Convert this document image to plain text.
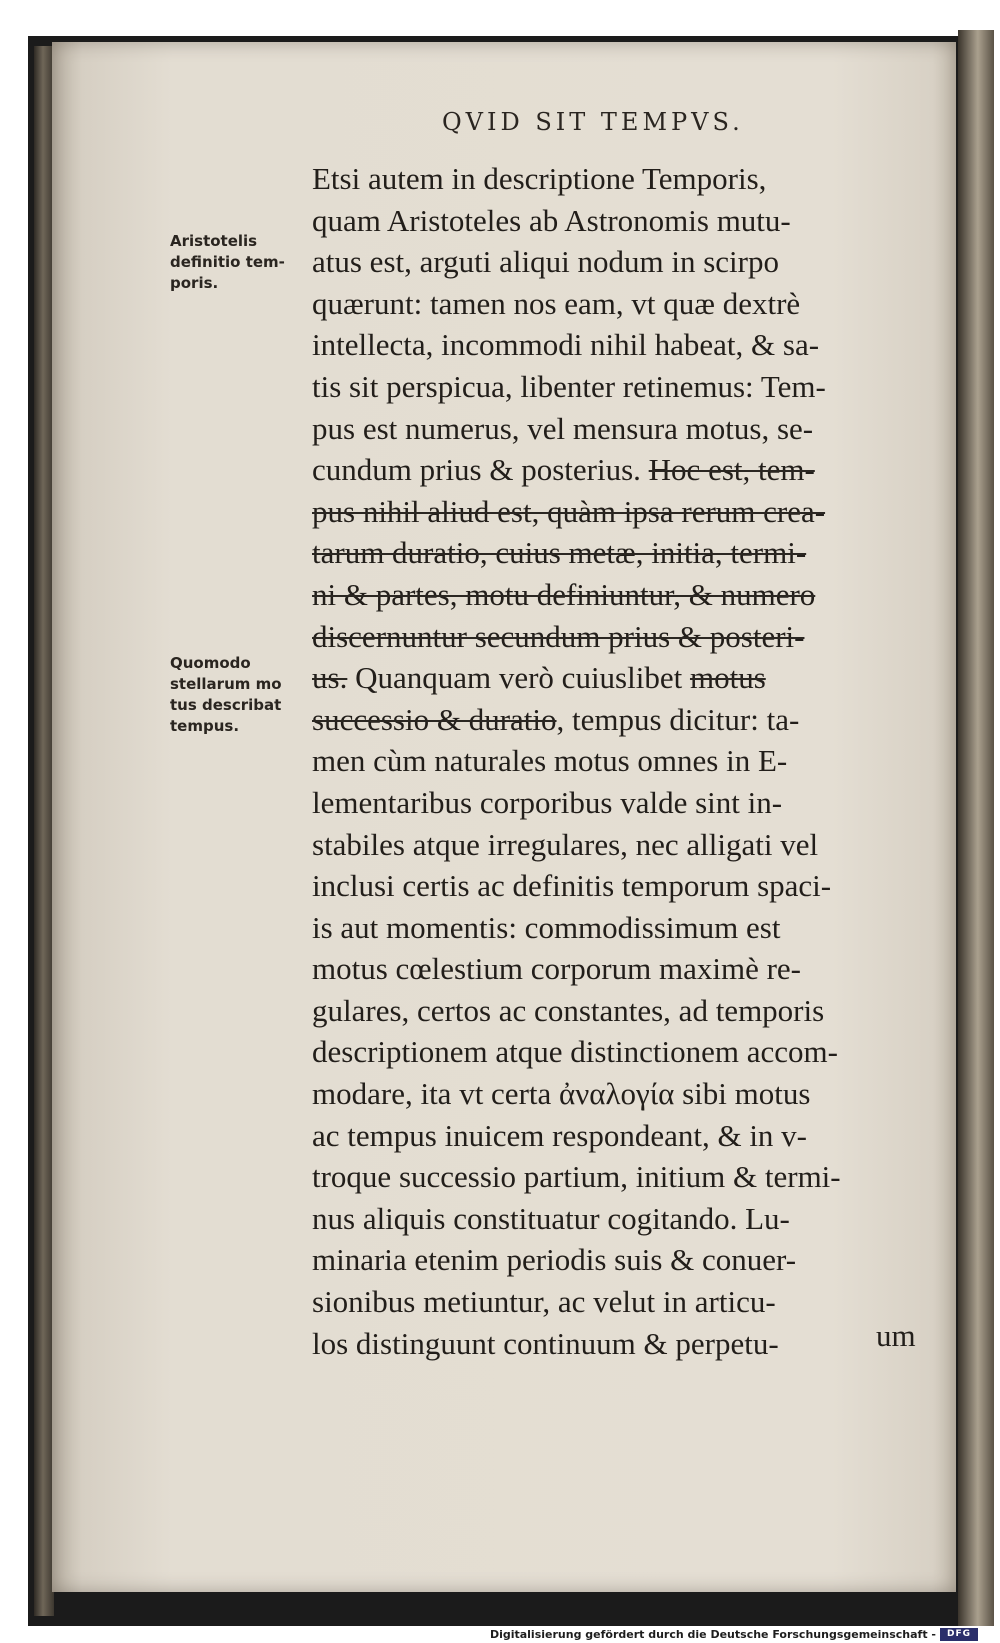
QVID SIT TEMPVS.
Aristotelis
definitio tem-
poris.
Quomodo
stellarum mo
tus describat
tempus.
Etsi autem in descriptione Temporis,
quam Aristoteles ab Astronomis mutu-
atus est, arguti aliqui nodum in scirpo
quærunt: tamen nos eam, vt quæ dextrè
intellecta, incommodi nihil habeat, & sa-
tis sit perspicua, libenter retinemus: Tem-
pus est numerus, vel mensura motus, se-
cundum prius & posterius. Hoc est, tem-
pus nihil aliud est, quàm ipsa rerum crea-
tarum duratio, cuius metæ, initia, termi-
ni & partes, motu definiuntur, & numero
discernuntur secundum prius & posteri-
us. Quanquam verò cuiuslibet motus
successio & duratio, tempus dicitur: ta-
men cùm naturales motus omnes in E-
lementaribus corporibus valde sint in-
stabiles atque irregulares, nec alligati vel
inclusi certis ac definitis temporum spaci-
is aut momentis: commodissimum est
motus cœlestium corporum maximè re-
gulares, certos ac constantes, ad temporis
descriptionem atque distinctionem accom-
modare, ita vt certa ἀναλογία sibi motus
ac tempus inuicem respondeant, & in v-
troque successio partium, initium & termi-
nus aliquis constituatur cogitando. Lu-
minaria etenim periodis suis & conuer-
sionibus metiuntur, ac velut in articu-
los distinguunt continuum & perpetu-	um
Digitalisierung gefördert durch die Deutsche Forschungsgemeinschaft -	DFG
